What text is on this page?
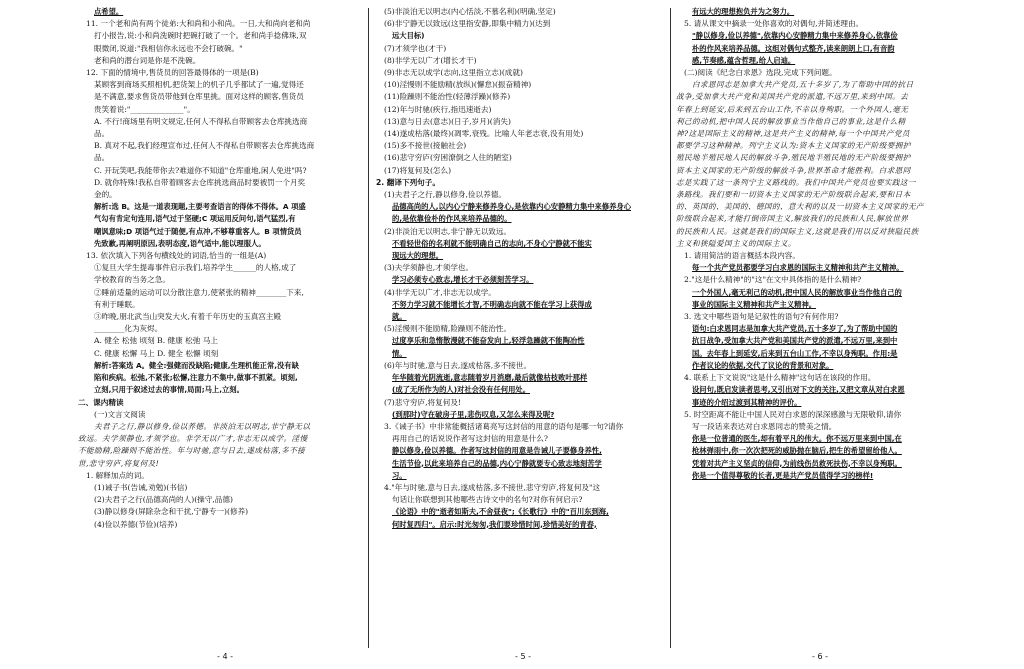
点希望。
11. 一个老和尚有两个徒弟:大和尚和小和尚。一日,大和尚向老和尚
打小报告,说:小和尚洗碗时把碗打破了一个。老和尚手捻佛珠,双
眼微闭,说道:"我相信你永远也不会打破碗。"
老和尚的潜台词是你是不洗碗。
12. 下面的情境中,售货员的回答最得体的一项是(B)
某顾客到商场买照相机,把货架上的机子几乎都试了一遍,觉得还
是不满意,要求售货员带他到仓库里挑。面对这样的顾客,售货员
贵笑着说:"______________"。
A. 不行!商场里有明文规定,任何人不得私自带顾客去仓库挑选商
品。
B. 真对不起,我们经理宣布过,任何人不得私自带顾客去仓库挑选商
品。
C. 开玩笑吧,我能带你去?难道你不知道"仓库重地,闲人免进"吗?
D. 就你特殊!我私自带着顾客去仓库挑选商品时要被罚一个月奖
金的。
解析:选 B。这是一道表现题,主要考查语言的得体不得体。A 项盛
气勾有肯定句连用,语气过于坚硬;C 项运用反问句,语气猛烈,有
嘲讽意味;D 项语气过于随便,有点冲,不够尊重客人。B 项情货员
先致歉,再阐明原因,表明态度,语气适中,能以理服人。
13. 依次填入下列各句横线处的词语,恰当的一组是(A)
①复旦大学生提毒事件启示我们,培养学生______的人格,成了
学校教育的当务之急。
②睡前适量的运动可以分散注意力,使紧张的精神________下来,
有利于睡眠。
③昨晚,朋北武当山突发大火,有着千年历史的玉真宫主殿
________化为灰烬。
A. 健全 松弛 顷刻 B. 健康 松弛 马上
C. 健康 松懈 马上 D. 健全 松懈 顷刻
解析:答案选 A。健全:强健而没缺陷;健康,生理机能正常,没有缺
陷和疾病。松弛,不紧张;松懈,注意力不集中,做事不抓紧。顷刻,
立刻,只用于叙述过去的事情,局面;马上,立刻。
二、课内精读
(一)文言文阅读
夫君子之行,静以修身,俭以养德。非淡泊无以明志,非宁静无以
致远。夫学须静也,才须学也。非学无以广才,非志无以成学。淫慢
不能励精,险躁则不能治性。年与时驰,意与日去,遂成枯落,多不接
世,悲守穷庐,将复何及!
1. 解释加点的词。
(1)诫子书(告诫,劝勉)(书信)
(2)夫君子之行(品德高尚的人)(操守,品德)
(3)静以修身(屏除杂念和干扰,宁静专一)(修养)
(4)俭以养德(节俭)(培养)
(5)非淡泊无以明志(内心恬淡,不慕名利)(明确,坚定)
(6)非宁静无以致远(这里指安静,即集中精力)(达到
远大目标)
(7)才须学也(才干)
(8)非学无以广才(增长才干)
(9)非志无以成学(志向,这里指立志)(成就)
(10)淫慢则不能励精(放纵)(懈怠)(振奋精神)
(11)险躁则不能治性(轻薄浮躁)(修养)
(12)年与时驰(疾行,指迅速逝去)
(13)意与日去(意志)(日子,岁月)(消失)
(14)遂成枯落(最终)(凋零,衰残。比喻人年老志衰,没有用处)
(15)多不接世(接触社会)
(16)悲守穷庐(穷困潦倒之人住的陋室)
(17)将复何及(怎么)
2. 翻译下列句子。
(1)夫君子之行,静以修身,俭以养德。
品德高尚的人,以内心宁静来修养身心,是依靠内心安静精力集中来修养身心
的,是依靠俭朴的作风来培养品德的。
(2)非淡泊无以明志,非宁静无以致远。
不看轻世俗的名利就不能明确自己的志向,不身心宁静就不能实
现远大的理想。
(3)夫学须静也,才须学也。
学习必须专心致志,增长才干必须刻苦学习。
(4)非学无以广才,非志无以成学。
不努力学习就不能增长才智,不明确志向就不能在学习上获得成
就。
(5)淫慢则不能励精,险躁则不能治性。
过度享乐和急惰散漫就不能奋发向上,轻浮急躁就不能陶冶性
情。
(6)年与时驰,意与日去,遂成枯落,多不接世。
年华随着光阴流逝,意志随着岁月消磨,最后就像枯枝败叶那样
(成了无所作为的人)对社会没有任何用处。
(7)悲守穷庐,将复何及!
(到那时)守在破房子里,悲伤叹息,又怎么来得及呢?
3.《诫子书》中非常能概括诸葛亮写这封信的用意的语句是哪一句?请你
再用自己的话说说作者写这封信的用意是什么?
静以修身,俭以养德。作者写这封信的用意是告诫儿子要修身养性,
生活节俭,以此来培养自己的品德,内心宁静就要专心致志地刻苦学
习。
4."年与时驰,意与日去,遂成枯落,多不接世,悲守穷庐,将复何及"这
句话让你联想到其他哪些古诗文中的名句?对你有何启示?
《论语》中的"逝者如斯夫,不舍昼夜";《长歌行》中的"百川东到海,
何时复西归"。启示:时光匆匆,我们要珍惜时间,珍惜美好的青春,
有远大的理想抱负并为之努力。
5. 请从课文中摘录一处你喜欢的对偶句,并简述理由。
"静以修身,俭以养德",依靠内心安静精力集中来修养身心,依靠俭
朴的作风来培养品德。这组对偶句式整齐,读来朗朗上口,有音韵
感,节奏感,蕴含哲理,给人启迪。
(二)阅读《纪念白求恩》选段,完成下列问题。
白求恩同志是加拿大共产党员,五十多岁了,为了帮助中国的抗日
战争,受加拿大共产党和美国共产党的派遣,不远万里,来到中国。去
年春上到延安,后来到五台山工作,不幸以身殉职。一个外国人,毫无
利己的动机,把中国人民的解放事业当作他自己的事业,这是什么精
神?这是国际主义的精神,这是共产主义的精神,每一个中国共产党员
都要学习这种精神。列宁主义认为:资本主义国家的无产阶级要拥护
殖民地半殖民地人民的解放斗争,殖民地半殖民地的无产阶级要拥护
资本主义国家的无产阶级的解放斗争,世界革命才能胜利。白求恩同
志是实践了这一条列宁主义路线的。我们中国共产党员也要实践这一
条路线。我们要和一切资本主义国家的无产阶级联合起来,要和日本
的、英国的、美国的、德国的、意大利的以及一切资本主义国家的无产
阶级联合起来,才能打倒帝国主义,解放我们的民族和人民,解放世界
的民族和人民。这就是我们的国际主义,这就是我们用以反对狭隘民族
主义和狭隘爱国主义的国际主义。
1. 请用简洁的语言概括本段内容。
每一个共产党员都要学习白求恩的国际主义精神和共产主义精神。
2."这是什么精神"的"这"在文中具体指的是什么精神?
一个外国人,毫无利己的动机,把中国人民的解放事业当作他自己的
事业的国际主义精神和共产主义精神。
3. 选文中哪些语句是记叙性的语句?有何作用?
语句:白求恩同志是加拿大共产党员,五十多岁了,为了帮助中国的
抗日战争,受加拿大共产党和美国共产党的派遣,不远万里,来到中
国。去年春上到延安,后来到五台山工作,不幸以身殉职。作用:是
作者议论的依据,交代了议论的背景和对象。
4. 联系上下文说说"这是什么精神"这句话在该段的作用。
设问句,既启发读者思考,又引出对下文的关注,又把文章从对白求恩
事迹的介绍过渡到其精神的评价。
5. 时空距离不能让中国人民对白求恩的深深感激与无限敬仰,请你
写一段话来表达对白求恩同志的赞美之情。
你是一位普通的医生,却有着平凡的伟大。你不远万里来到中国,在
枪林弹雨中,你一次次把死的威胁抛在脑后,把生的希望留给他人。
凭着对共产主义坚贞的信仰,为前线伤员救死扶伤,不幸以身殉职。
你是一个值得尊敬的长者,更是共产党员值得学习的榜样!
- 4 -	- 5 -	- 6 -
